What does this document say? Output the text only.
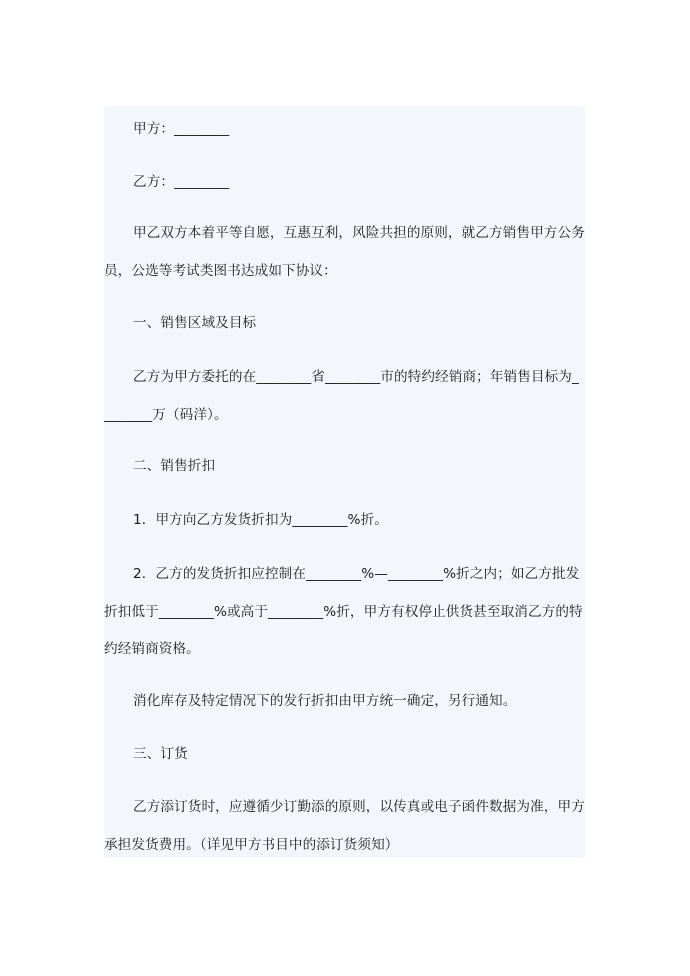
甲方：________
乙方：________
甲乙双方本着平等自愿，互惠互利，风险共担的原则，就乙方销售甲方公务员，公选等考试类图书达成如下协议：
一、销售区域及目标
乙方为甲方委托的在________省________市的特约经销商；年销售目标为________万（码洋）。
二、销售折扣
1．甲方向乙方发货折扣为________%折。
2．乙方的发货折扣应控制在________%—________%折之内；如乙方批发折扣低于________%或高于________%折，甲方有权停止供货甚至取消乙方的特约经销商资格。
消化库存及特定情况下的发行折扣由甲方统一确定，另行通知。
三、订货
乙方添订货时，应遵循少订勤添的原则，以传真或电子函件数据为准，甲方承担发货费用。（详见甲方书目中的添订货须知）
